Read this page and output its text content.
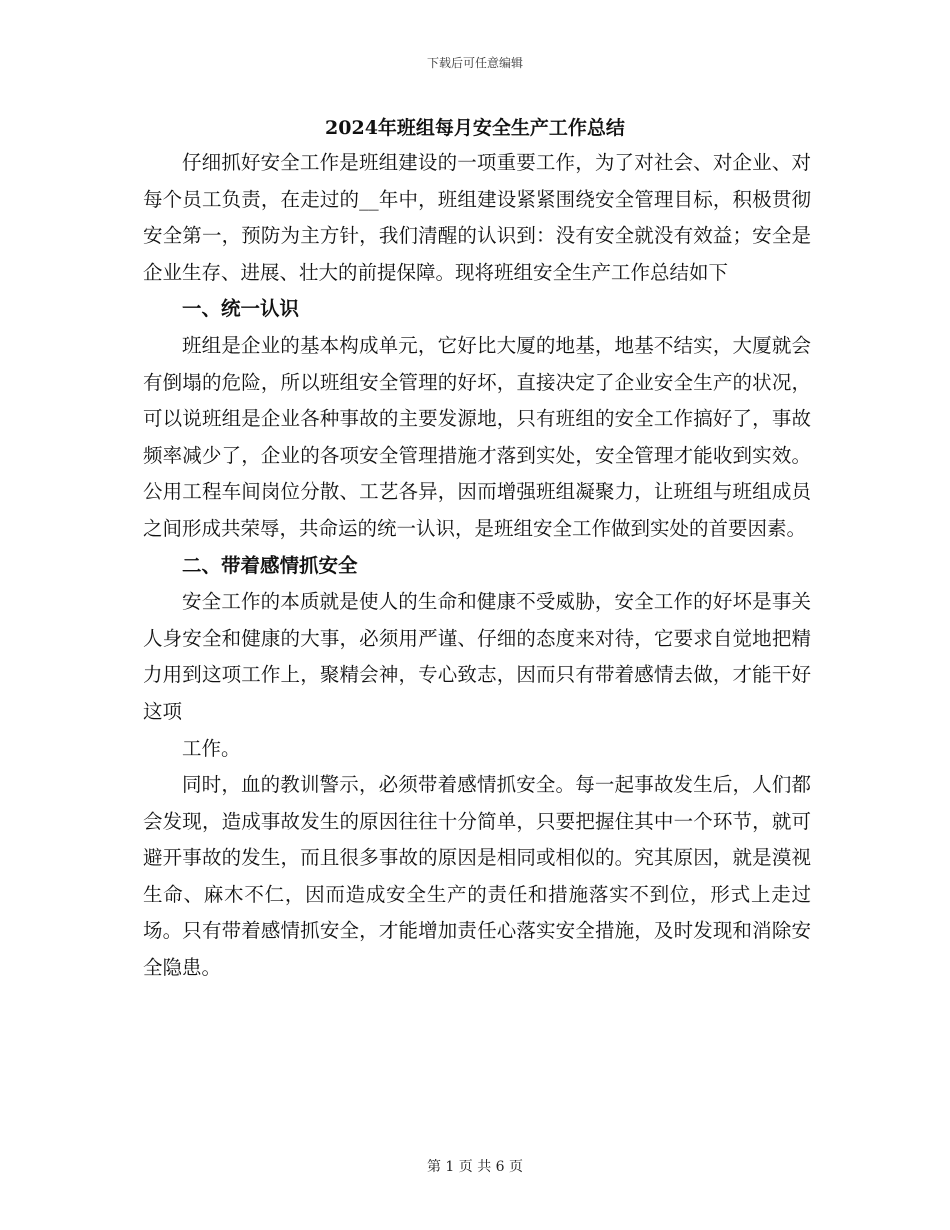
下载后可任意编辑
2024年班组每月安全生产工作总结

仔细抓好安全工作是班组建设的一项重要工作，为了对社会、对企业、对每个员工负责，在走过的__年中，班组建设紧紧围绕安全管理目标，积极贯彻安全第一，预防为主方针，我们清醒的认识到：没有安全就没有效益；安全是企业生存、进展、壮大的前提保障。现将班组安全生产工作总结如下

一、统一认识

班组是企业的基本构成单元，它好比大厦的地基，地基不结实，大厦就会有倒塌的危险，所以班组安全管理的好坏，直接决定了企业安全生产的状况，可以说班组是企业各种事故的主要发源地，只有班组的安全工作搞好了，事故频率减少了，企业的各项安全管理措施才落到实处，安全管理才能收到实效。公用工程车间岗位分散、工艺各异，因而增强班组凝聚力，让班组与班组成员之间形成共荣辱，共命运的统一认识，是班组安全工作做到实处的首要因素。

二、带着感情抓安全

安全工作的本质就是使人的生命和健康不受威胁，安全工作的好坏是事关人身安全和健康的大事，必须用严谨、仔细的态度来对待，它要求自觉地把精力用到这项工作上，聚精会神，专心致志，因而只有带着感情去做，才能干好这项

工作。

同时，血的教训警示，必须带着感情抓安全。每一起事故发生后，人们都会发现，造成事故发生的原因往往十分简单，只要把握住其中一个环节，就可避开事故的发生，而且很多事故的原因是相同或相似的。究其原因，就是漠视生命、麻木不仁，因而造成安全生产的责任和措施落实不到位，形式上走过场。只有带着感情抓安全，才能增加责任心落实安全措施，及时发现和消除安全隐患。

第 1 页 共 6 页
